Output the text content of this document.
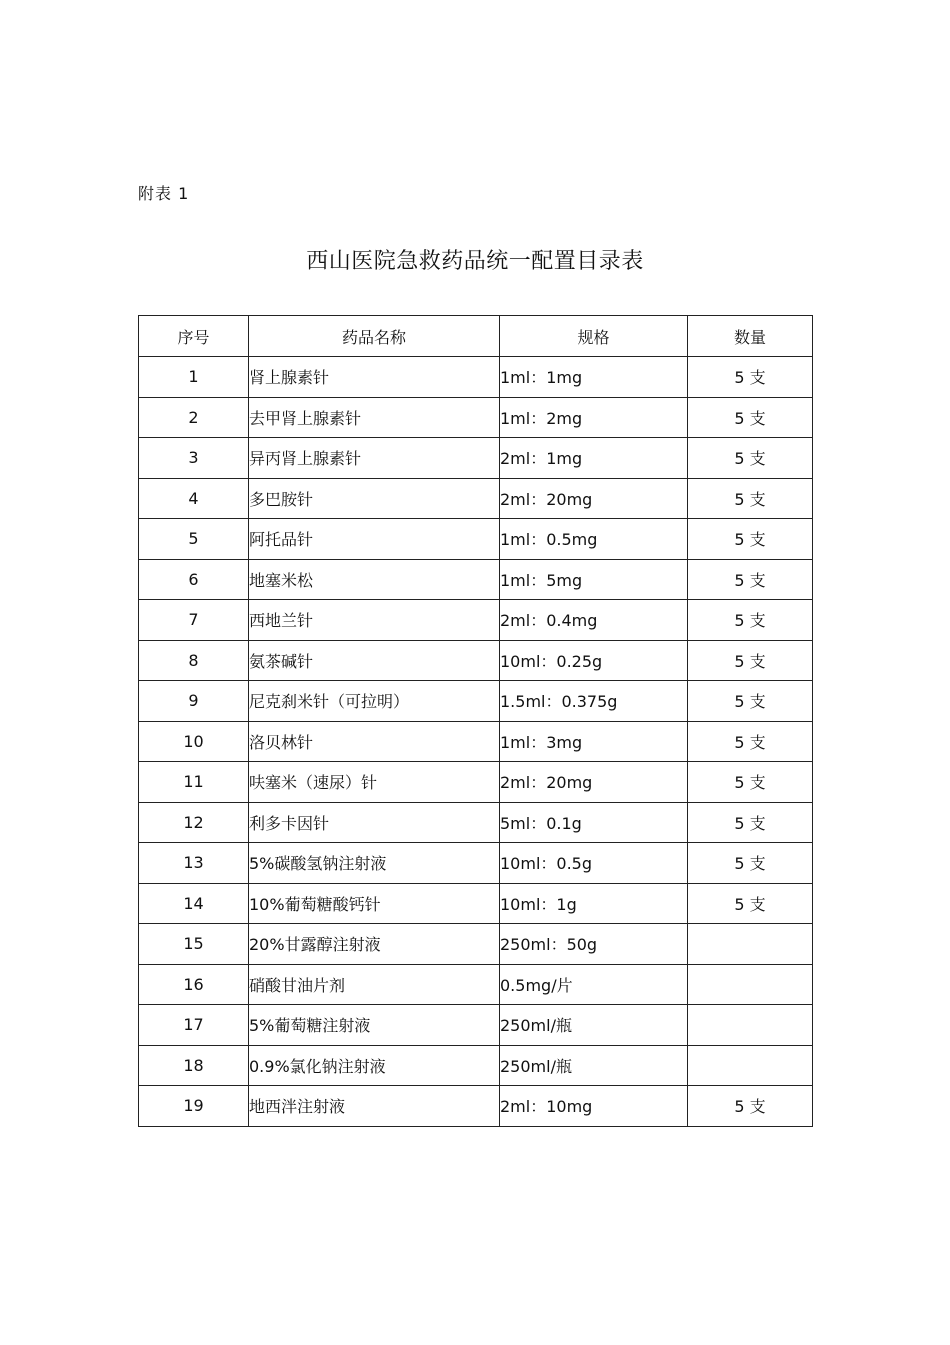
附表 1
西山医院急救药品统一配置目录表
序号	药品名称	规格	数量
1	肾上腺素针	1ml：1mg	5 支
2	去甲肾上腺素针	1ml：2mg	5 支
3	异丙肾上腺素针	2ml：1mg	5 支
4	多巴胺针	2ml：20mg	5 支
5	阿托品针	1ml：0.5mg	5 支
6	地塞米松	1ml：5mg	5 支
7	西地兰针	2ml：0.4mg	5 支
8	氨茶碱针	10ml：0.25g	5 支
9	尼克刹米针（可拉明）	1.5ml：0.375g	5 支
10	洛贝林针	1ml：3mg	5 支
11	呋塞米（速尿）针	2ml：20mg	5 支
12	利多卡因针	5ml：0.1g	5 支
13	5%碳酸氢钠注射液	10ml：0.5g	5 支
14	10%葡萄糖酸钙针	10ml：1g	5 支
15	20%甘露醇注射液	250ml：50g	
16	硝酸甘油片剂	0.5mg/片	
17	5%葡萄糖注射液	250ml/瓶	
18	0.9%氯化钠注射液	250ml/瓶	
19	地西泮注射液	2ml：10mg	5 支
